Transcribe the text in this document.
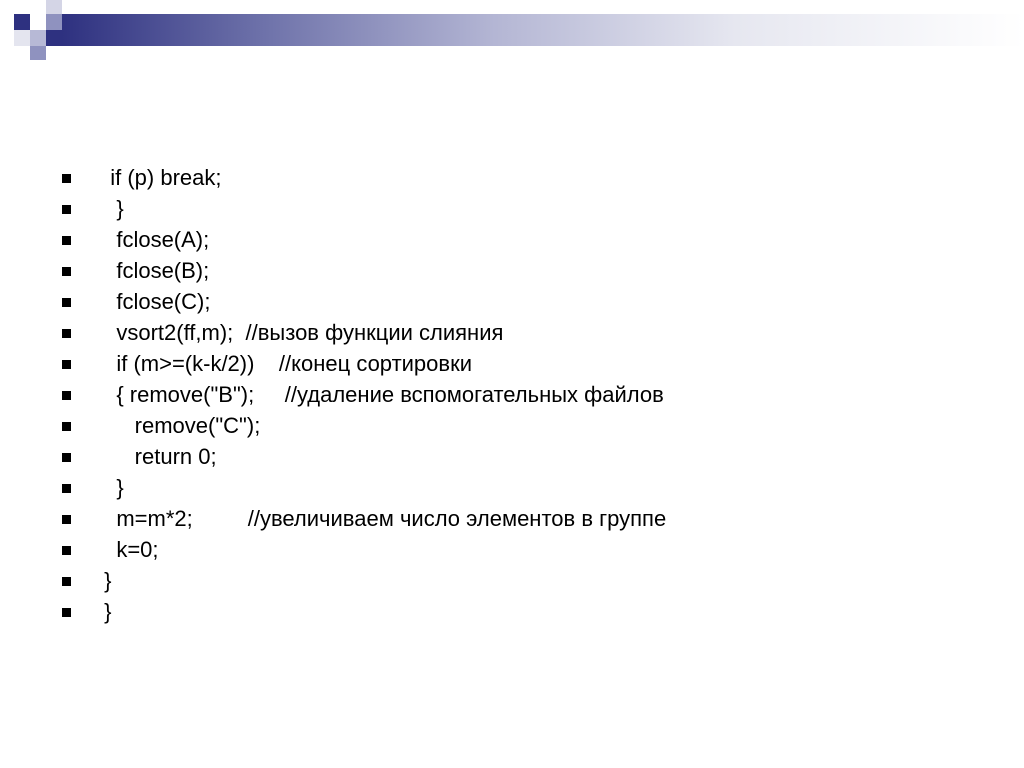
if (p) break;
}
fclose(A);
fclose(B);
fclose(C);
vsort2(ff,m);  //вызов функции слияния
if (m>=(k-k/2))    //конец сортировки
{ remove("B");     //удаление вспомогательных файлов
remove("C");
return 0;
}
m=m*2;         //увеличиваем число элементов в группе
k=0;
}
}
